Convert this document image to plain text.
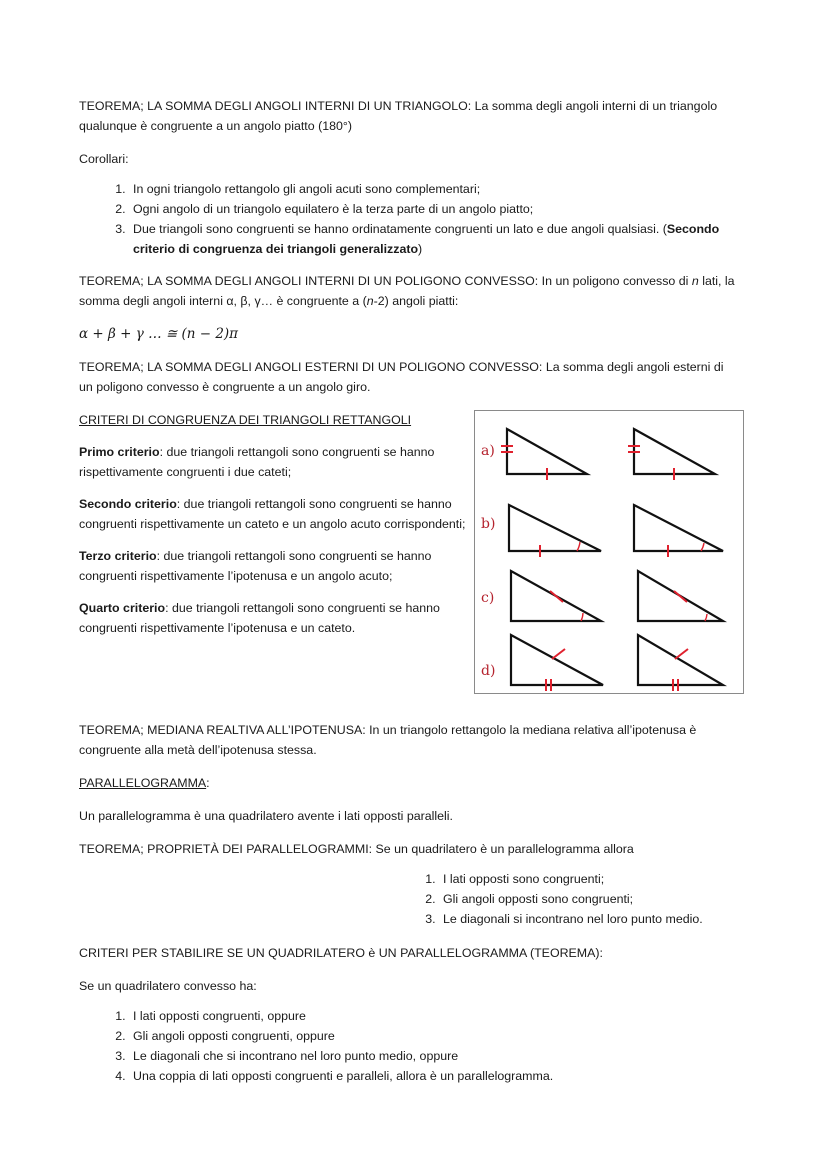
TEOREMA; LA SOMMA DEGLI ANGOLI INTERNI DI UN TRIANGOLO: La somma degli angoli interni di un triangolo qualunque è congruente a un angolo piatto (180°)

Corollari:

1. In ogni triangolo rettangolo gli angoli acuti sono complementari;
2. Ogni angolo di un triangolo equilatero è la terza parte di un angolo piatto;
3. Due triangoli sono congruenti se hanno ordinatamente congruenti un lato e due angoli qualsiasi. (Secondo criterio di congruenza dei triangoli generalizzato)

TEOREMA; LA SOMMA DEGLI ANGOLI INTERNI DI UN POLIGONO CONVESSO: In un poligono convesso di n lati, la somma degli angoli interni α, β, γ… è congruente a (n-2) angoli piatti:

α + β + γ … ≅ (n − 2)π

TEOREMA; LA SOMMA DEGLI ANGOLI ESTERNI DI UN POLIGONO CONVESSO: La somma degli angoli esterni di un poligono convesso è congruente a un angolo giro.

CRITERI DI CONGRUENZA DEI TRIANGOLI RETTANGOLI

Primo criterio: due triangoli rettangoli sono congruenti se hanno rispettivamente congruenti i due cateti;

Secondo criterio: due triangoli rettangoli sono congruenti se hanno congruenti rispettivamente un cateto e un angolo acuto corrispondenti;

Terzo criterio: due triangoli rettangoli sono congruenti se hanno congruenti rispettivamente l’ipotenusa e un angolo acuto;

Quarto criterio: due triangoli rettangoli sono congruenti se hanno congruenti rispettivamente l’ipotenusa e un cateto.

a)
b)
c)
d)

TEOREMA; MEDIANA REALTIVA ALL’IPOTENUSA: In un triangolo rettangolo la mediana relativa all’ipotenusa è congruente alla metà dell’ipotenusa stessa.

PARALLELOGRAMMA:

Un parallelogramma è una quadrilatero avente i lati opposti paralleli.

TEOREMA; PROPRIETÀ DEI PARALLELOGRAMMI: Se un quadrilatero è un parallelogramma allora

1. I lati opposti sono congruenti;
2. Gli angoli opposti sono congruenti;
3. Le diagonali si incontrano nel loro punto medio.

CRITERI PER STABILIRE SE UN QUADRILATERO è UN PARALLELOGRAMMA (TEOREMA):

Se un quadrilatero convesso ha:

1. I lati opposti congruenti, oppure
2. Gli angoli opposti congruenti, oppure
3. Le diagonali che si incontrano nel loro punto medio, oppure
4. Una coppia di lati opposti congruenti e paralleli, allora è un parallelogramma.
